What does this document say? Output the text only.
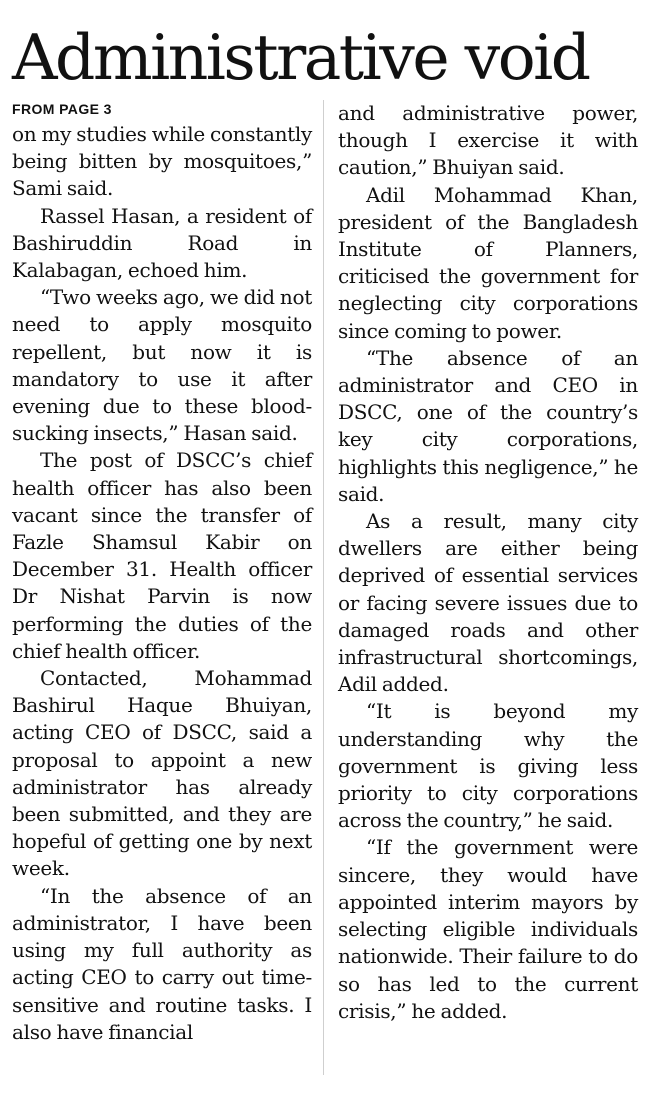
Administrative void
FROM PAGE 3

on my studies while constantly being bitten by mosquitoes,” Sami said.

Rassel Hasan, a resident of Bashiruddin Road in Kalabagan, echoed him.

“Two weeks ago, we did not need to apply mosquito repellent, but now it is mandatory to use it after evening due to these blood-sucking insects,” Hasan said.

The post of DSCC’s chief health officer has also been vacant since the transfer of Fazle Shamsul Kabir on December 31. Health officer Dr Nishat Parvin is now performing the duties of the chief health officer.

Contacted, Mohammad Bashirul Haque Bhuiyan, acting CEO of DSCC, said a proposal to appoint a new administrator has already been submitted, and they are hopeful of getting one by next week.

“In the absence of an administrator, I have been using my full authority as acting CEO to carry out time-sensitive and routine tasks. I also have financial

and administrative power, though I exercise it with caution,” Bhuiyan said.

Adil Mohammad Khan, president of the Bangladesh Institute of Planners, criticised the government for neglecting city corporations since coming to power.

“The absence of an administrator and CEO in DSCC, one of the country’s key city corporations, highlights this negligence,” he said.

As a result, many city dwellers are either being deprived of essential services or facing severe issues due to damaged roads and other infrastructural shortcomings, Adil added.

“It is beyond my understanding why the government is giving less priority to city corporations across the country,” he said.

“If the government were sincere, they would have appointed interim mayors by selecting eligible individuals nationwide. Their failure to do so has led to the current crisis,” he added.
